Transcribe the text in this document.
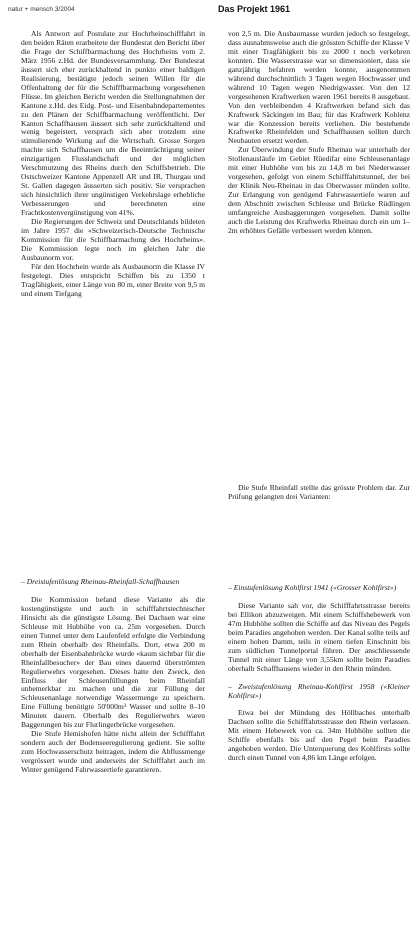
natur + mensch 3/2004	Das Projekt 1961

Als Antwort auf Postulate zur Hochrheinschifffahrt in den beiden Räten erarbeitete der Bundesrat den Bericht über die Frage der Schiffbarmachung des Hochrheins vom 2. März 1956 z.Hd. der Bundesversammlung. Der Bundesrat äussert sich eher zurückhaltend in punkto einer baldigen Realisierung, bestätigte jedoch seinen Willen für die Offenhaltung der für die Schifffbarmachung vorgesehenen Flüsse. Im gleichen Bericht werden die Stellungnahmen der Kantone z.Hd. des Eidg. Post- und Eisenbahndepartementes zu den Plänen der Schiffbarmachung veröffentlicht. Der Kanton Schaffhausen äussert sich sehr zurückhaltend und wenig begeistert, versprach sich aber trotzdem eine stimulierende Wirkung auf die Wirtschaft. Grosse Sorgen machte sich Schaffhausen um die Beeinträchtigung seiner einzigartigen Flusslandschaft und der möglichen Verschmutzung des Rheins durch den Schiffsbetrieb. Die Ostschweizer Kantone Appenzell AR und IR, Thurgau und St. Gallen dagegen äusserten sich positiv. Sie versprachen sich hinsichtlich ihrer ungünstigen Verkehrslage erhebliche Verbesserungen und berechneten eine Frachtkostenvergünstigung von 41%.

Die Regierungen der Schweiz und Deutschlands bildeten im Jahre 1957 die «Schweizerisch-Deutsche Technische Kommission für die Schiffbarmachung des Hochrheins». Die Kommission legte noch im gleichen Jahr die Ausbaunorm vor.

Für den Hochrhein wurde als Ausbaunorm die Klasse IV festgelegt. Dies entspricht Schiffen bis zu 1350 t Tragfähigkeit, einer Länge von 80 m, einer Breite von 9,5 m und einem Tiefgang

von 2,5 m. Die Ausbaumasse wurden jedoch so festgelegt, dass ausnahmsweise auch die grössten Schiffe der Klasse V mit einer Tragfähigkeit bis zu 2000 t noch verkehren konnten. Die Wasserstrasse war so dimensioniert, dass sie ganzjährig befahren werden konnte, ausgenommen während durchschnittlich 3 Tagen wegen Hochwasser und während 10 Tagen wegen Niedrigwasser. Von den 12 vorgesehenen Kraftwerken waren 1961 bereits 8 ausgebaut. Von den verbleibenden 4 Kraftwerken befand sich das Kraftwerk Säckingen im Bau; für das Kraftwerk Koblenz war die Konzession bereits verliehen. Die bestehende Kraftwerke Rheinfelden und Schaffhausen sollten durch Neubauten ersetzt werden.

Zur Überwindung der Stufe Rheinau war unterhalb der Stollenausläufe im Gebiet Rüedifar eine Schleusenanlage mit einer Hubhöhe von bis zu 14,8 m bei Niederwasser vorgesehen, gefolgt von einem Schifffahrtstunnel, der bei der Klinik Neu-Rheinau in das Oberwasser münden sollte. Zur Erlangung von genügend Fahrwassertiefe waren auf dem Abschnitt zwischen Schleuse und Brücke Rüdlingen umfangreiche Ausbaggerungen vorgesehen. Damit sollte auch die Leistung des Kraftwerks Rheinau durch ein um 1–2m erhöhtes Gefälle verbessert werden können.

Die Stufe Rheinfall stellte das grösste Problem dar. Zur Prüfung gelangten drei Varianten:

– Dreistufenlösung Rheinau-Rheinfall-Schaffhausen

Die Kommission befand diese Variante als die kostengünstigste und auch in schifffahrtstechnischer Hinsicht als die günstigste Lösung. Bei Dachsen war eine Schleuse mit Hubhöhe von ca. 25m vorgesehen. Durch einen Tunnel unter dem Laufenfeld erfolgte die Verbindung zum Rhein oberhalb des Rheinfalls. Dort, etwa 200 m oberhalb der Eisenbahnbrücke wurde «kaum sichtbar für die Rheinfallbesucher» der Bau eines dauernd überströmten Regulierwehrs vorgesehen. Dieses hatte den Zweck, den Einfluss der Schleusenfüllungen beim Rheinfall unbemerkbar zu machen und die zur Füllung der Schleusenanlage notwendige Wassermenge zu speichern. Eine Füllung benötigte 50'000m³ Wasser und sollte 8–10 Minuten dauern. Oberhalb des Regulierwehrs waren Baggerungen bis zur Flurlingerbrücke vorgesehen.

Die Stufe Hemishofen hätte nicht allein der Schifffahrt sondern auch der Bodenseeregulierung gedient. Sie sollte zum Hochwasserschutz beitragen, indem die Abflussmenge vergrössert wurde und anderseits der Schifffahrt auch im Winter genügend Fahrwassertiefe garantieren.

– Einstufenlösung Kohlfirst 1941 («Grosser Kohlfirst»)

Diese Variante sah vor, die Schifffahrtsstrasse bereits bei Ellikon abzuzweigen. Mit einem Schiffshebewerk von 47m Hubhöhe sollten die Schiffe auf das Niveau des Pegels beim Paradies angehoben werden. Der Kanal sollte teils auf einem hohen Damm, teils in einem tiefen Einschnitt bis zum südlichen Tunnelportal führen. Der anschliessende Tunnel mit einer Länge von 3,55km sollte beim Paradies oberhalb Schaffhausens wieder in den Rhein münden.

– Zweistufenlösung Rheinau-Kohlfirst 1958 («Kleiner Kohlfirst»)

Etwa bei der Mündung des Höllbaches unterhalb Dachsen sollte die Schifffahrtsstrasse den Rhein verlassen. Mit einem Hebewerk von ca. 34m Hubhöhe sollten die Schiffe ebenfalls bis auf den Pegel beim Paradies angehoben werden. Die Unterquerung des Kohlfirsts sollte durch einen Tunnel von 4,86 km Länge erfolgen.
